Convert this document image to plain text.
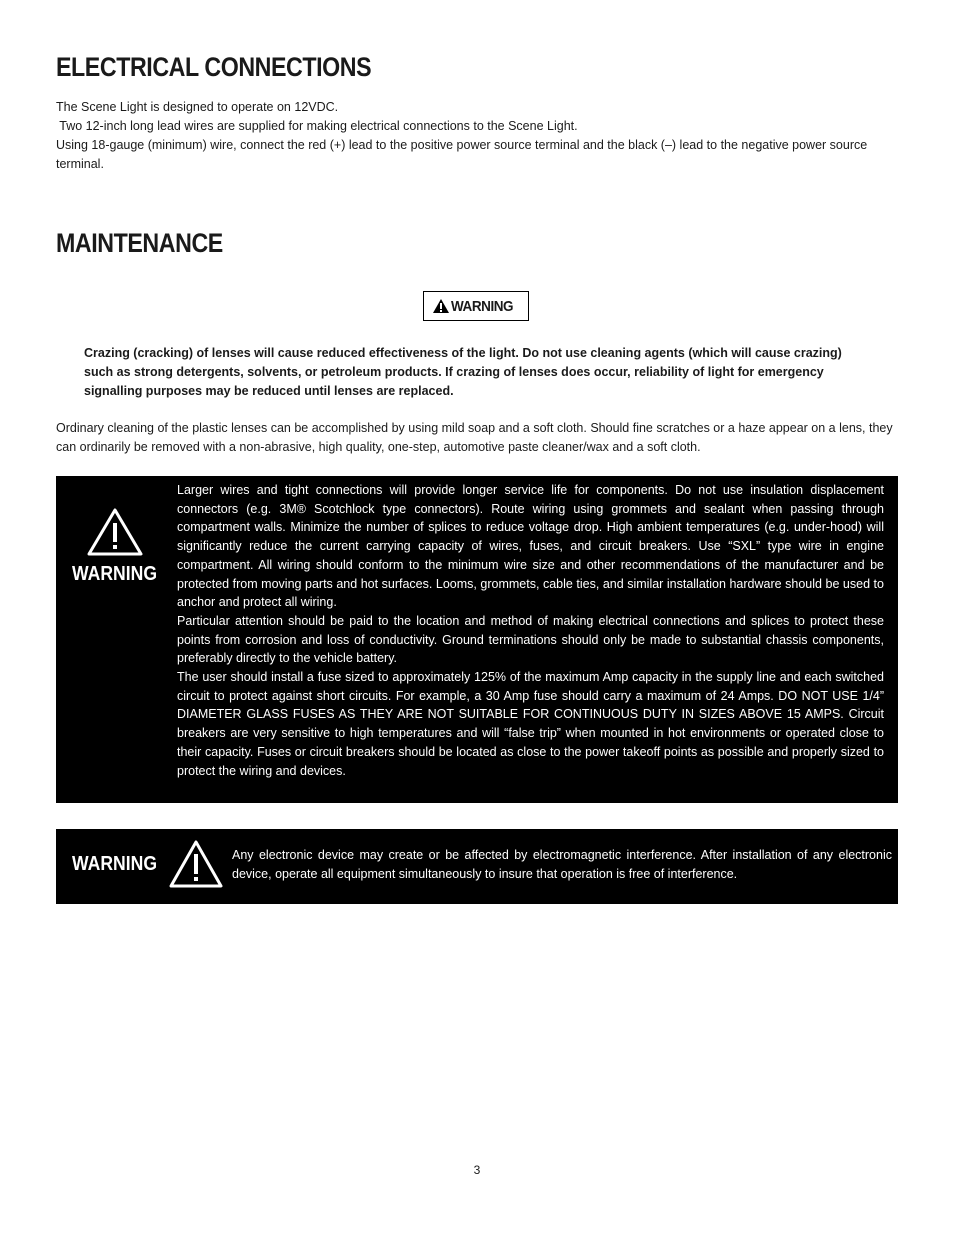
ELECTRICAL CONNECTIONS

The Scene Light is designed to operate on 12VDC.

Two 12-inch long lead wires are supplied for making electrical connections to the Scene Light.

Using 18-gauge (minimum) wire, connect the red (+) lead to the positive power source terminal and the black (–) lead to the negative power source terminal.

MAINTENANCE
WARNING
Crazing (cracking) of lenses will cause reduced effectiveness of the light. Do not use cleaning agents (which will cause crazing) such as strong detergents, solvents, or petroleum products. If crazing of lenses does occur, reliability of light for emergency signalling purposes may be reduced until lenses are replaced.
Ordinary cleaning of the plastic lenses can be accomplished by using mild soap and a soft cloth. Should fine scratches or a haze appear on a lens, they can ordinarily be removed with a non-abrasive, high quality, one-step, automotive paste cleaner/wax and a soft cloth.
WARNING

Larger wires and tight connections will provide longer service life for components. Do not use insulation displacement connectors (e.g. 3M® Scotchlock type connectors). Route wiring using grommets and sealant when passing through compartment walls. Minimize the number of splices to reduce voltage drop. High ambient temperatures (e.g. under-hood) will significantly reduce the current carrying capacity of wires, fuses, and circuit breakers. Use “SXL” type wire in engine compartment. All wiring should conform to the minimum wire size and other recommendations of the manufacturer and be protected from moving parts and hot surfaces. Looms, grommets, cable ties, and similar installation hardware should be used to anchor and protect all wiring.

Particular attention should be paid to the location and method of making electrical connections and splices to protect these points from corrosion and loss of conductivity. Ground terminations should only be made to substantial chassis components, preferably directly to the vehicle battery.

The user should install a fuse sized to approximately 125% of the maximum Amp capacity in the supply line and each switched circuit to protect against short circuits. For example, a 30 Amp fuse should carry a maximum of 24 Amps. DO NOT USE 1/4” DIAMETER GLASS FUSES AS THEY ARE NOT SUITABLE FOR CONTINUOUS DUTY IN SIZES ABOVE 15 AMPS. Circuit breakers are very sensitive to high temperatures and will “false trip” when mounted in hot environments or operated close to their capacity. Fuses or circuit breakers should be located as close to the power takeoff points as possible and properly sized to protect the wiring and devices.

WARNING	Any electronic device may create or be affected by electromagnetic interference. After installation of any electronic device, operate all equipment simultaneously to insure that operation is free of interference.
3
